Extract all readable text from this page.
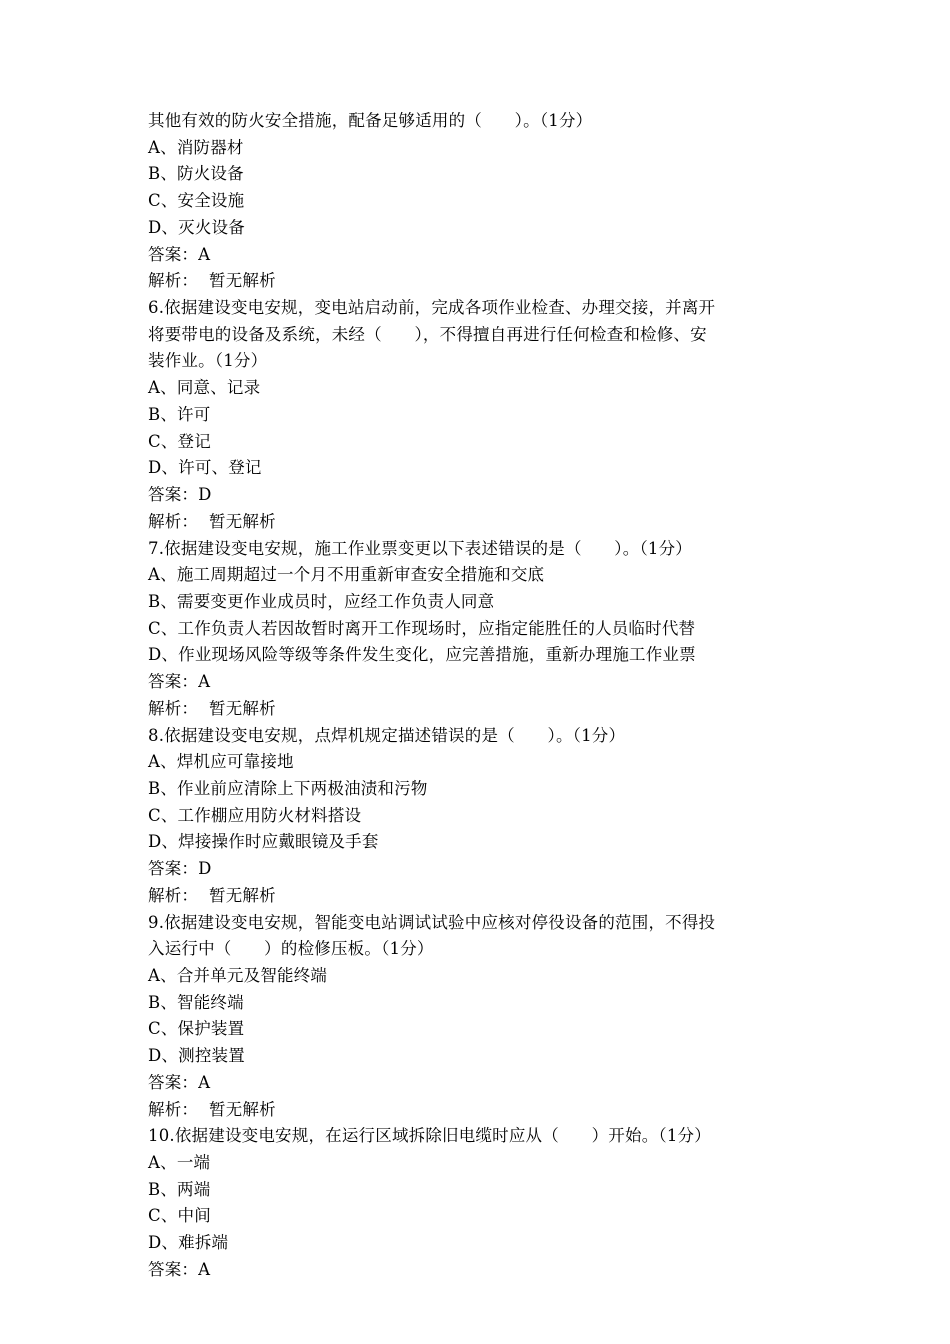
其他有效的防火安全措施，配备足够适用的（      ）。（1分）

A、消防器材

B、防火设备

C、安全设施

D、灭火设备

答案：A

解析：  暂无解析

6.依据建设变电安规，变电站启动前，完成各项作业检查、办理交接，并离开

将要带电的设备及系统，未经（      ），不得擅自再进行任何检查和检修、安

装作业。（1分）

A、同意、记录

B、许可

C、登记

D、许可、登记

答案：D

解析：  暂无解析

7.依据建设变电安规，施工作业票变更以下表述错误的是（      ）。（1分）

A、施工周期超过一个月不用重新审查安全措施和交底

B、需要变更作业成员时，应经工作负责人同意

C、工作负责人若因故暂时离开工作现场时，应指定能胜任的人员临时代替

D、作业现场风险等级等条件发生变化，应完善措施，重新办理施工作业票

答案：A

解析：  暂无解析

8.依据建设变电安规，点焊机规定描述错误的是（      ）。（1分）

A、焊机应可靠接地

B、作业前应清除上下两极油渍和污物

C、工作棚应用防火材料搭设

D、焊接操作时应戴眼镜及手套

答案：D

解析：  暂无解析

9.依据建设变电安规，智能变电站调试试验中应核对停役设备的范围，不得投

入运行中（      ）的检修压板。（1分）

A、合并单元及智能终端

B、智能终端

C、保护装置

D、测控装置

答案：A

解析：  暂无解析

10.依据建设变电安规，在运行区域拆除旧电缆时应从（      ）开始。（1分）

A、一端

B、两端

C、中间

D、难拆端

答案：A
